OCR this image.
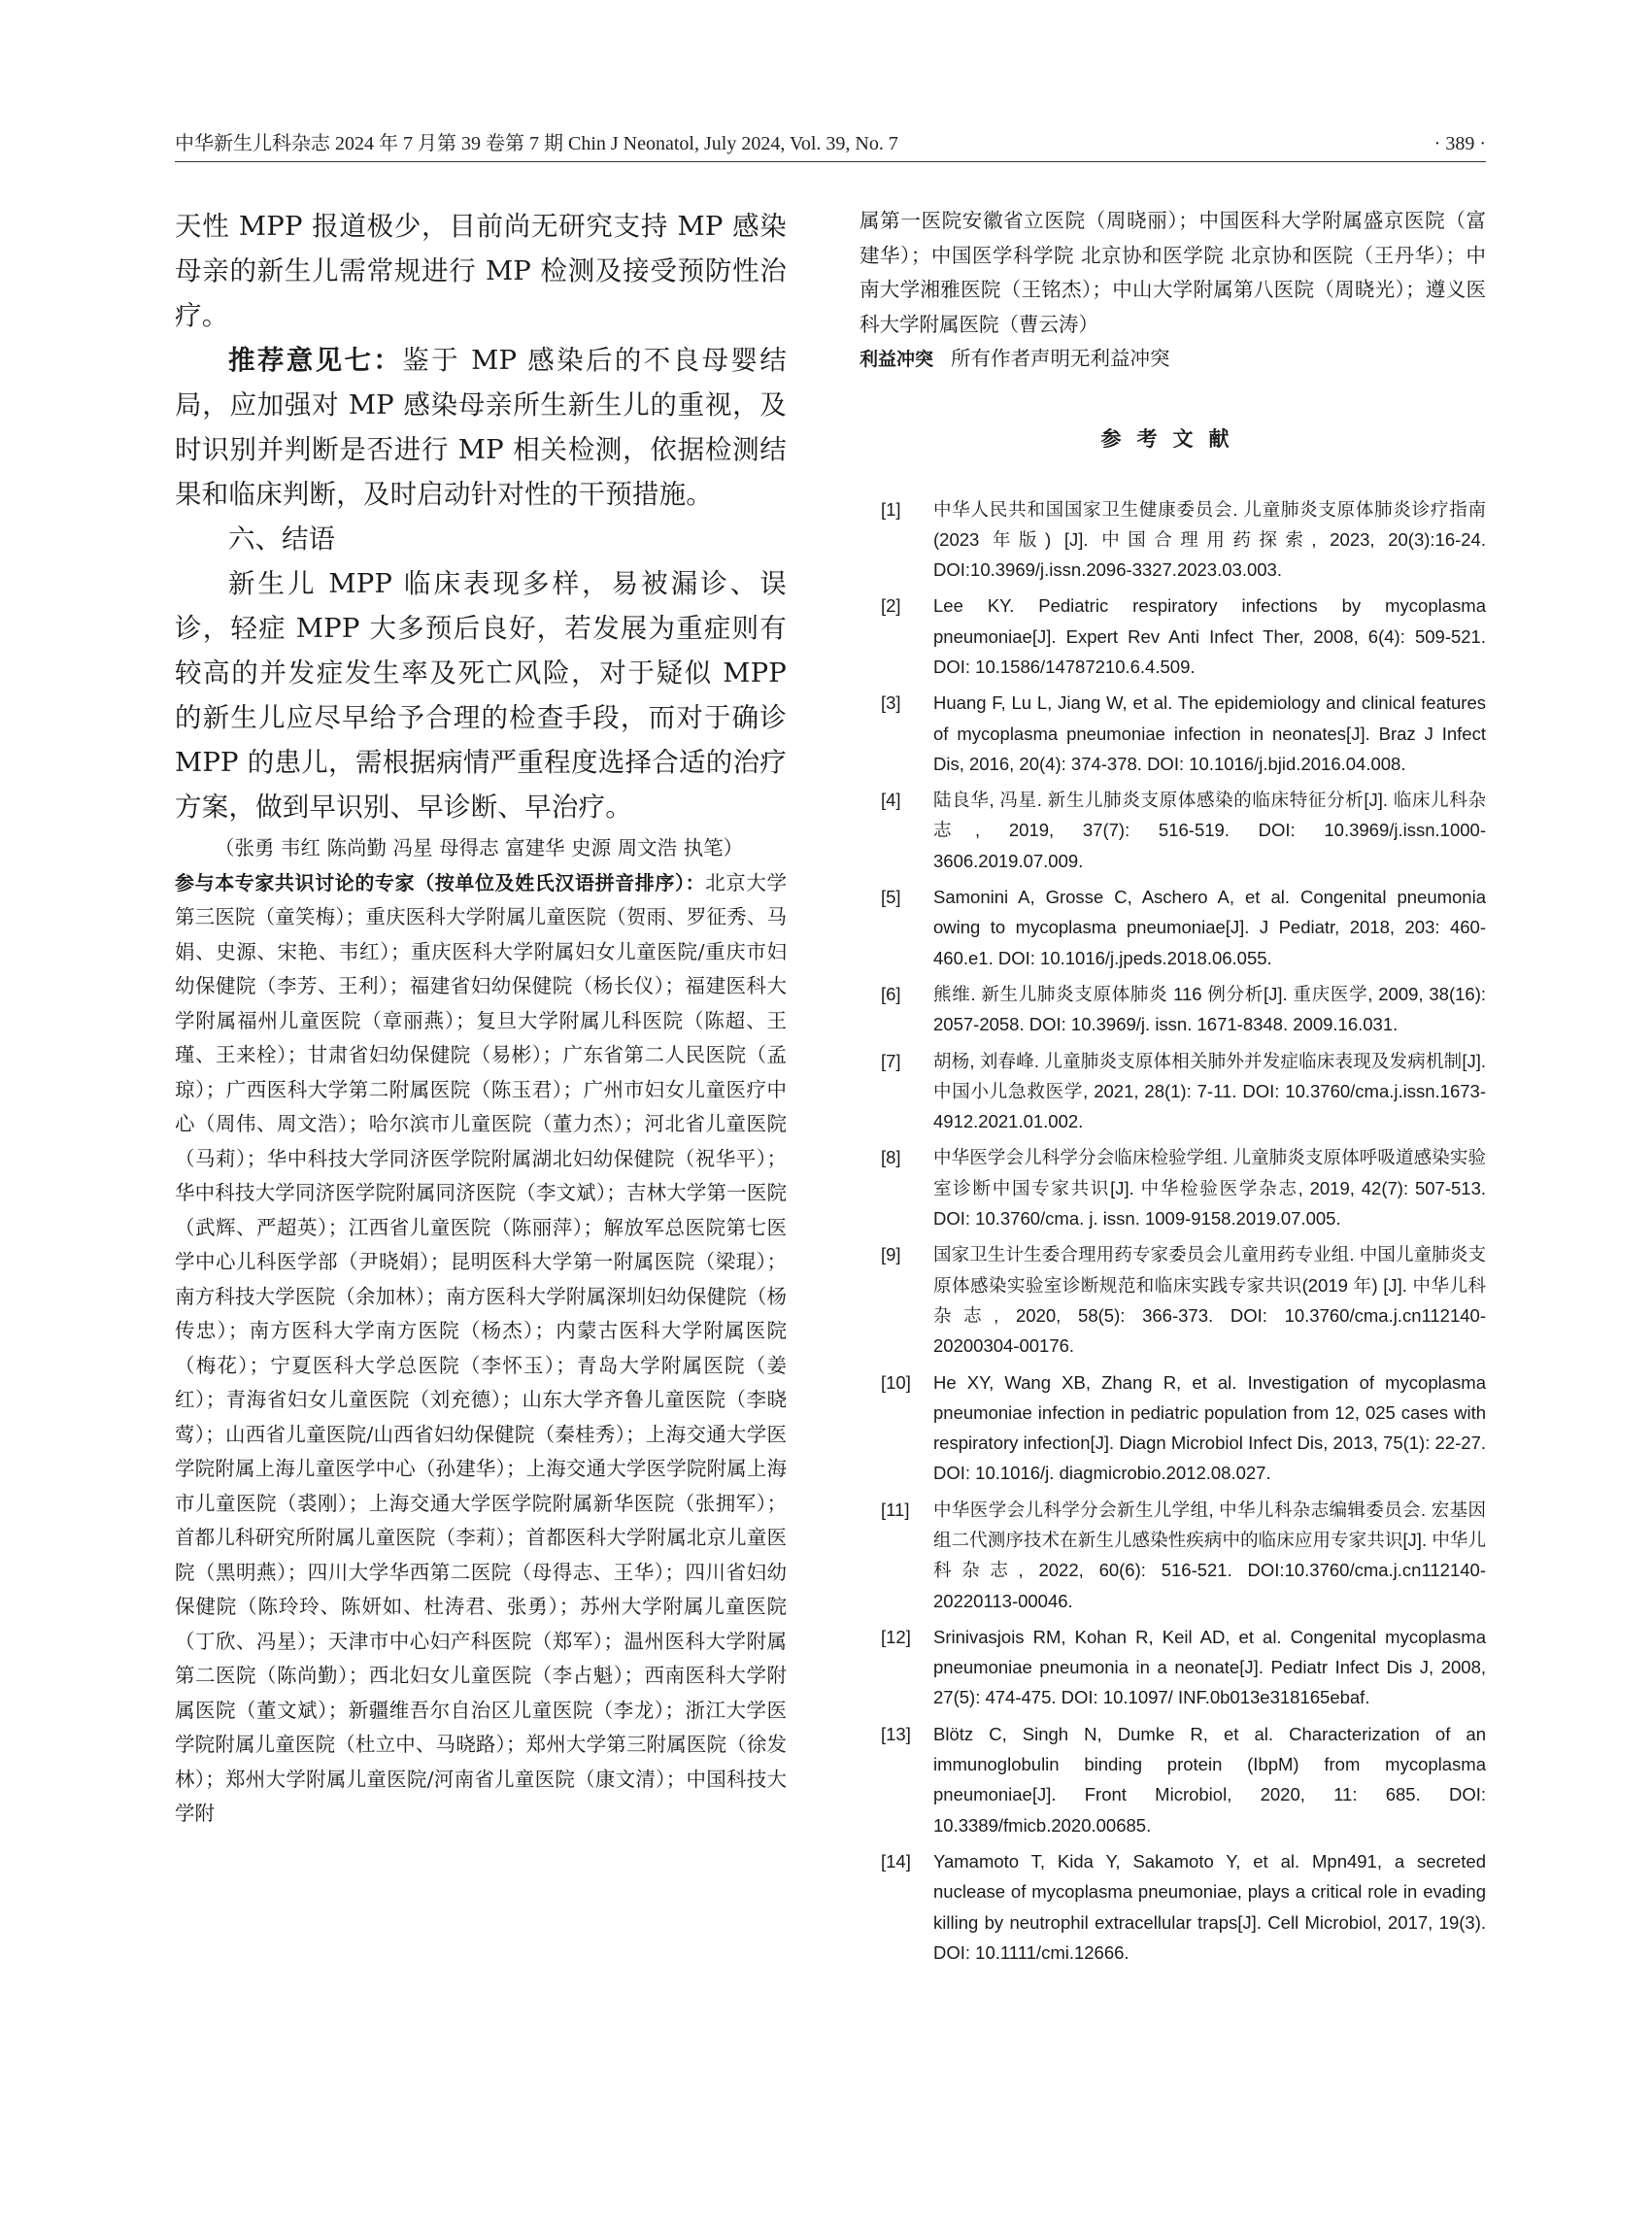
中华新生儿科杂志 2024 年 7 月第 39 卷第 7 期 Chin J Neonatol, July 2024, Vol. 39, No. 7	· 389 ·

天性 MPP 报道极少，目前尚无研究支持 MP 感染母亲的新生儿需常规进行 MP 检测及接受预防性治疗。

推荐意见七：鉴于 MP 感染后的不良母婴结局，应加强对 MP 感染母亲所生新生儿的重视，及时识别并判断是否进行 MP 相关检测，依据检测结果和临床判断，及时启动针对性的干预措施。

六、结语

新生儿 MPP 临床表现多样，易被漏诊、误诊，轻症 MPP 大多预后良好，若发展为重症则有较高的并发症发生率及死亡风险，对于疑似 MPP 的新生儿应尽早给予合理的检查手段，而对于确诊 MPP 的患儿，需根据病情严重程度选择合适的治疗方案，做到早识别、早诊断、早治疗。

（张勇 韦红 陈尚勤 冯星 母得志 富建华 史源 周文浩 执笔）

参与本专家共识讨论的专家（按单位及姓氏汉语拼音排序）：北京大学第三医院（童笑梅）；重庆医科大学附属儿童医院（贺雨、罗征秀、马娟、史源、宋艳、韦红）；重庆医科大学附属妇女儿童医院/重庆市妇幼保健院（李芳、王利）；福建省妇幼保健院（杨长仪）；福建医科大学附属福州儿童医院（章丽燕）；复旦大学附属儿科医院（陈超、王瑾、王来栓）；甘肃省妇幼保健院（易彬）；广东省第二人民医院（孟琼）；广西医科大学第二附属医院（陈玉君）；广州市妇女儿童医疗中心（周伟、周文浩）；哈尔滨市儿童医院（董力杰）；河北省儿童医院（马莉）；华中科技大学同济医学院附属湖北妇幼保健院（祝华平）；华中科技大学同济医学院附属同济医院（李文斌）；吉林大学第一医院（武辉、严超英）；江西省儿童医院（陈丽萍）；解放军总医院第七医学中心儿科医学部（尹晓娟）；昆明医科大学第一附属医院（梁琨）；南方科技大学医院（余加林）；南方医科大学附属深圳妇幼保健院（杨传忠）；南方医科大学南方医院（杨杰）；内蒙古医科大学附属医院（梅花）；宁夏医科大学总医院（李怀玉）；青岛大学附属医院（姜红）；青海省妇女儿童医院（刘充德）；山东大学齐鲁儿童医院（李晓莺）；山西省儿童医院/山西省妇幼保健院（秦桂秀）；上海交通大学医学院附属上海儿童医学中心（孙建华）；上海交通大学医学院附属上海市儿童医院（裘刚）；上海交通大学医学院附属新华医院（张拥军）；首都儿科研究所附属儿童医院（李莉）；首都医科大学附属北京儿童医院（黑明燕）；四川大学华西第二医院（母得志、王华）；四川省妇幼保健院（陈玲玲、陈妍如、杜涛君、张勇）；苏州大学附属儿童医院（丁欣、冯星）；天津市中心妇产科医院（郑军）；温州医科大学附属第二医院（陈尚勤）；西北妇女儿童医院（李占魁）；西南医科大学附属医院（董文斌）；新疆维吾尔自治区儿童医院（李龙）；浙江大学医学院附属儿童医院（杜立中、马晓路）；郑州大学第三附属医院（徐发林）；郑州大学附属儿童医院/河南省儿童医院（康文清）；中国科技大学附

属第一医院安徽省立医院（周晓丽）；中国医科大学附属盛京医院（富建华）；中国医学科学院 北京协和医学院 北京协和医院（王丹华）；中南大学湘雅医院（王铭杰）；中山大学附属第八医院（周晓光）；遵义医科大学附属医院（曹云涛）

利益冲突 所有作者声明无利益冲突

参考文献
[1]	中华人民共和国国家卫生健康委员会. 儿童肺炎支原体肺炎诊疗指南(2023 年版) [J]. 中国合理用药探索, 2023, 20(3):16-24. DOI:10.3969/j.issn.2096-3327.2023.03.003.
[2]	Lee KY. Pediatric respiratory infections by mycoplasma pneumoniae[J]. Expert Rev Anti Infect Ther, 2008, 6(4): 509-521. DOI: 10.1586/14787210.6.4.509.
[3]	Huang F, Lu L, Jiang W, et al. The epidemiology and clinical features of mycoplasma pneumoniae infection in neonates[J]. Braz J Infect Dis, 2016, 20(4): 374-378. DOI: 10.1016/j.bjid.2016.04.008.
[4]	陆良华, 冯星. 新生儿肺炎支原体感染的临床特征分析[J]. 临床儿科杂志, 2019, 37(7): 516-519. DOI: 10.3969/j.issn.1000-3606.2019.07.009.
[5]	Samonini A, Grosse C, Aschero A, et al. Congenital pneumonia owing to mycoplasma pneumoniae[J]. J Pediatr, 2018, 203: 460-460.e1. DOI: 10.1016/j.jpeds.2018.06.055.
[6]	熊维. 新生儿肺炎支原体肺炎 116 例分析[J]. 重庆医学, 2009, 38(16): 2057-2058. DOI: 10.3969/j. issn. 1671-8348. 2009.16.031.
[7]	胡杨, 刘春峰. 儿童肺炎支原体相关肺外并发症临床表现及发病机制[J]. 中国小儿急救医学, 2021, 28(1): 7-11. DOI: 10.3760/cma.j.issn.1673-4912.2021.01.002.
[8]	中华医学会儿科学分会临床检验学组. 儿童肺炎支原体呼吸道感染实验室诊断中国专家共识[J]. 中华检验医学杂志, 2019, 42(7): 507-513. DOI: 10.3760/cma. j. issn. 1009-9158.2019.07.005.
[9]	国家卫生计生委合理用药专家委员会儿童用药专业组. 中国儿童肺炎支原体感染实验室诊断规范和临床实践专家共识(2019 年) [J]. 中华儿科杂志, 2020, 58(5): 366-373. DOI: 10.3760/cma.j.cn112140-20200304-00176.
[10]	He XY, Wang XB, Zhang R, et al. Investigation of mycoplasma pneumoniae infection in pediatric population from 12, 025 cases with respiratory infection[J]. Diagn Microbiol Infect Dis, 2013, 75(1): 22-27. DOI: 10.1016/j. diagmicrobio.2012.08.027.
[11]	中华医学会儿科学分会新生儿学组, 中华儿科杂志编辑委员会. 宏基因组二代测序技术在新生儿感染性疾病中的临床应用专家共识[J]. 中华儿科杂志, 2022, 60(6): 516-521. DOI:10.3760/cma.j.cn112140-20220113-00046.
[12]	Srinivasjois RM, Kohan R, Keil AD, et al. Congenital mycoplasma pneumoniae pneumonia in a neonate[J]. Pediatr Infect Dis J, 2008, 27(5): 474-475. DOI: 10.1097/ INF.0b013e318165ebaf.
[13]	Blötz C, Singh N, Dumke R, et al. Characterization of an immunoglobulin binding protein (IbpM) from mycoplasma pneumoniae[J]. Front Microbiol, 2020, 11: 685. DOI: 10.3389/fmicb.2020.00685.
[14]	Yamamoto T, Kida Y, Sakamoto Y, et al. Mpn491, a secreted nuclease of mycoplasma pneumoniae, plays a critical role in evading killing by neutrophil extracellular traps[J]. Cell Microbiol, 2017, 19(3). DOI: 10.1111/cmi.12666.
